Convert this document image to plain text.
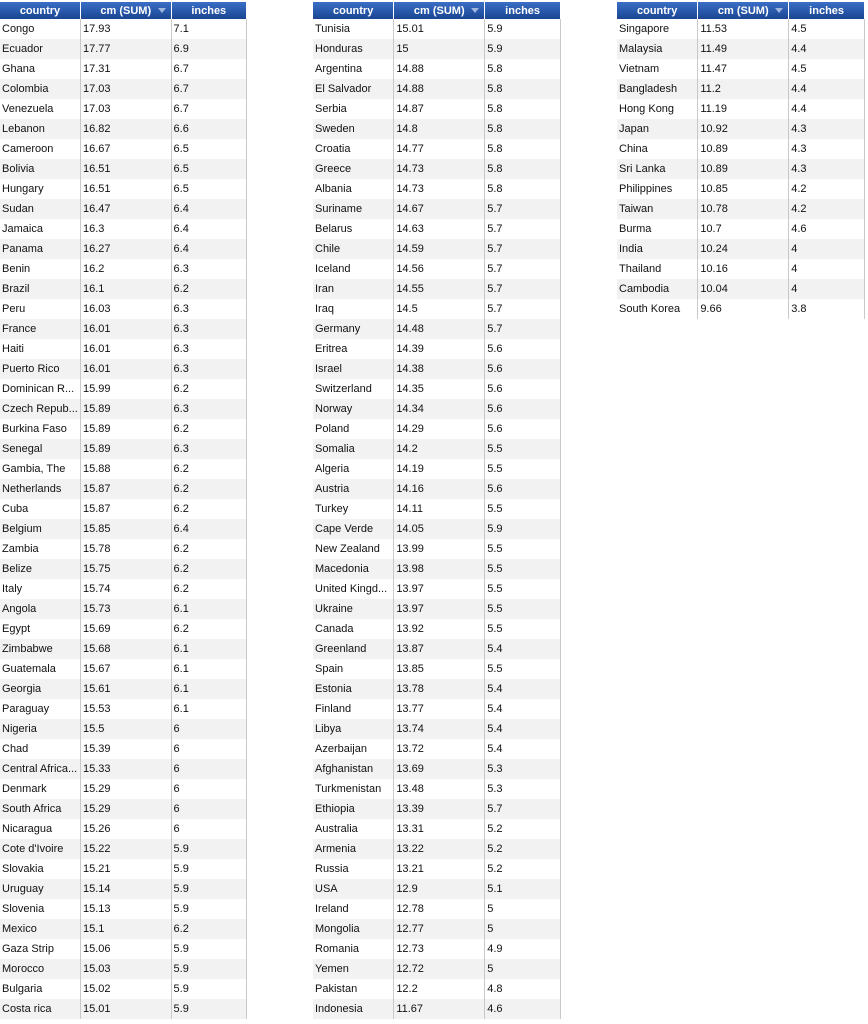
country	cm (SUM)	inches
Congo	17.93	7.1
Ecuador	17.77	6.9
Ghana	17.31	6.7
Colombia	17.03	6.7
Venezuela	17.03	6.7
Lebanon	16.82	6.6
Cameroon	16.67	6.5
Bolivia	16.51	6.5
Hungary	16.51	6.5
Sudan	16.47	6.4
Jamaica	16.3	6.4
Panama	16.27	6.4
Benin	16.2	6.3
Brazil	16.1	6.2
Peru	16.03	6.3
France	16.01	6.3
Haiti	16.01	6.3
Puerto Rico	16.01	6.3
Dominican R...	15.99	6.2
Czech Repub...	15.89	6.3
Burkina Faso	15.89	6.2
Senegal	15.89	6.3
Gambia, The	15.88	6.2
Netherlands	15.87	6.2
Cuba	15.87	6.2
Belgium	15.85	6.4
Zambia	15.78	6.2
Belize	15.75	6.2
Italy	15.74	6.2
Angola	15.73	6.1
Egypt	15.69	6.2
Zimbabwe	15.68	6.1
Guatemala	15.67	6.1
Georgia	15.61	6.1
Paraguay	15.53	6.1
Nigeria	15.5	6
Chad	15.39	6
Central Africa...	15.33	6
Denmark	15.29	6
South Africa	15.29	6
Nicaragua	15.26	6
Cote d'Ivoire	15.22	5.9
Slovakia	15.21	5.9
Uruguay	15.14	5.9
Slovenia	15.13	5.9
Mexico	15.1	6.2
Gaza Strip	15.06	5.9
Morocco	15.03	5.9
Bulgaria	15.02	5.9
Costa rica	15.01	5.9
country	cm (SUM)	inches
Tunisia	15.01	5.9
Honduras	15	5.9
Argentina	14.88	5.8
El Salvador	14.88	5.8
Serbia	14.87	5.8
Sweden	14.8	5.8
Croatia	14.77	5.8
Greece	14.73	5.8
Albania	14.73	5.8
Suriname	14.67	5.7
Belarus	14.63	5.7
Chile	14.59	5.7
Iceland	14.56	5.7
Iran	14.55	5.7
Iraq	14.5	5.7
Germany	14.48	5.7
Eritrea	14.39	5.6
Israel	14.38	5.6
Switzerland	14.35	5.6
Norway	14.34	5.6
Poland	14.29	5.6
Somalia	14.2	5.5
Algeria	14.19	5.5
Austria	14.16	5.6
Turkey	14.11	5.5
Cape Verde	14.05	5.9
New Zealand	13.99	5.5
Macedonia	13.98	5.5
United Kingd...	13.97	5.5
Ukraine	13.97	5.5
Canada	13.92	5.5
Greenland	13.87	5.4
Spain	13.85	5.5
Estonia	13.78	5.4
Finland	13.77	5.4
Libya	13.74	5.4
Azerbaijan	13.72	5.4
Afghanistan	13.69	5.3
Turkmenistan	13.48	5.3
Ethiopia	13.39	5.7
Australia	13.31	5.2
Armenia	13.22	5.2
Russia	13.21	5.2
USA	12.9	5.1
Ireland	12.78	5
Mongolia	12.77	5
Romania	12.73	4.9
Yemen	12.72	5
Pakistan	12.2	4.8
Indonesia	11.67	4.6
country	cm (SUM)	inches
Singapore	11.53	4.5
Malaysia	11.49	4.4
Vietnam	11.47	4.5
Bangladesh	11.2	4.4
Hong Kong	11.19	4.4
Japan	10.92	4.3
China	10.89	4.3
Sri Lanka	10.89	4.3
Philippines	10.85	4.2
Taiwan	10.78	4.2
Burma	10.7	4.6
India	10.24	4
Thailand	10.16	4
Cambodia	10.04	4
South Korea	9.66	3.8
